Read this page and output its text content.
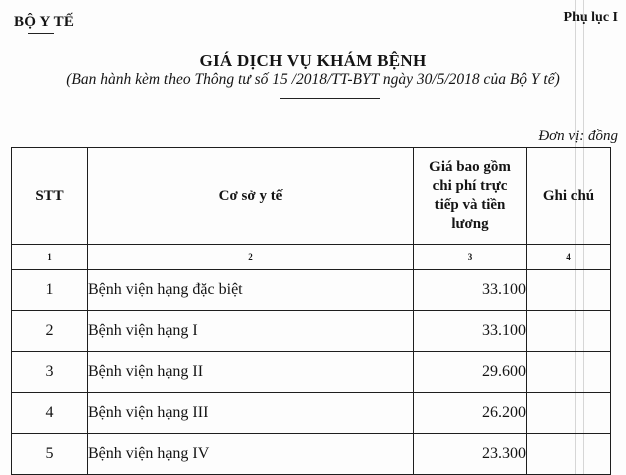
BỘ Y TẾ	Phụ lục I
GIÁ DỊCH VỤ KHÁM BỆNH
(Ban hành kèm theo Thông tư số 15 /2018/TT-BYT ngày 30/5/2018 của Bộ Y tế)
Đơn vị: đồng
STT	Cơ sở y tế	Giá bao gồm chi phí trực tiếp và tiền lương	Ghi chú
1	2	3	4
1	Bệnh viện hạng đặc biệt	33.100	
2	Bệnh viện hạng I	33.100	
3	Bệnh viện hạng II	29.600	
4	Bệnh viện hạng III	26.200	
5	Bệnh viện hạng IV	23.300	
